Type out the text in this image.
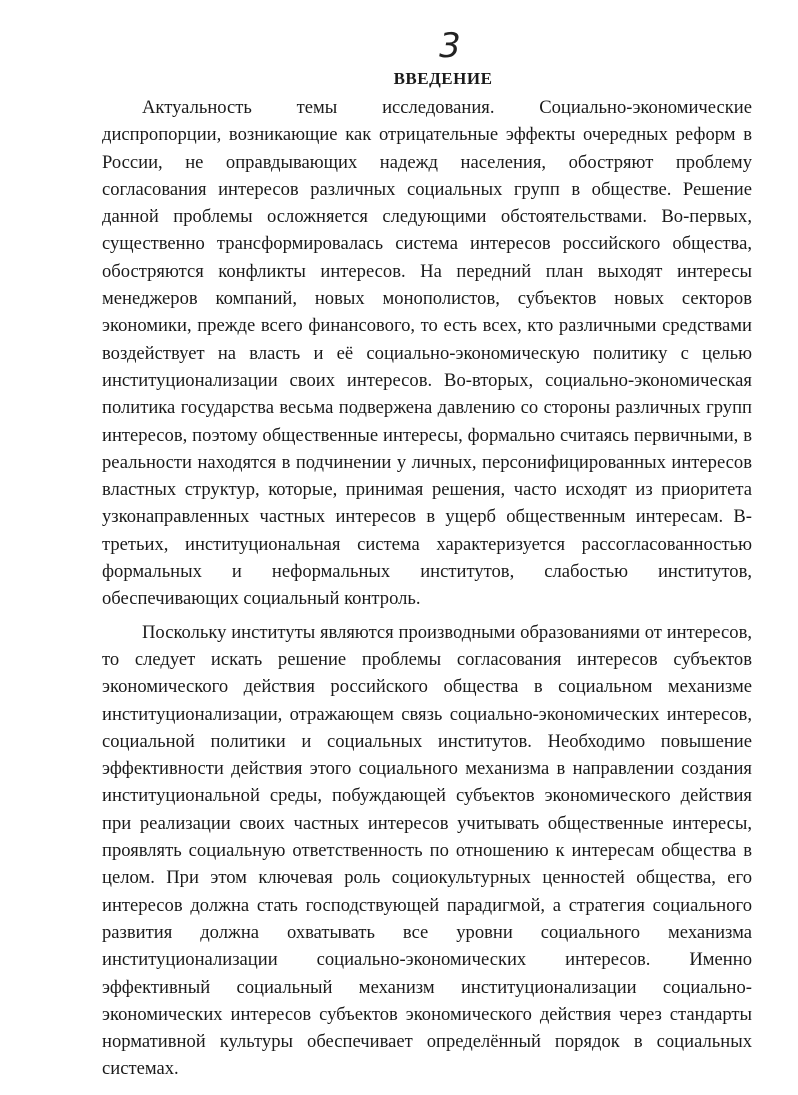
3
ВВЕДЕНИЕ

Актуальность темы исследования. Социально-экономические диспропорции, возникающие как отрицательные эффекты очередных реформ в России, не оправдывающих надежд населения, обостряют проблему согласования интересов различных социальных групп в обществе. Решение данной проблемы осложняется следующими обстоятельствами. Во-первых, существенно трансформировалась система интересов российского общества, обостряются конфликты интересов. На передний план выходят интересы менеджеров компаний, новых монополистов, субъектов новых секторов экономики, прежде всего финансового, то есть всех, кто различными средствами воздействует на власть и её социально-экономическую политику с целью институционализации своих интересов. Во-вторых, социально-экономическая политика государства весьма подвержена давлению со стороны различных групп интересов, поэтому общественные интересы, формально считаясь первичными, в реальности находятся в подчинении у личных, персонифицированных интересов властных структур, которые, принимая решения, часто исходят из приоритета узконаправленных частных интересов в ущерб общественным интересам. В-третьих, институциональная система характеризуется рассогласованностью формальных и неформальных институтов, слабостью институтов, обеспечивающих социальный контроль.

Поскольку институты являются производными образованиями от интересов, то следует искать решение проблемы согласования интересов субъектов экономического действия российского общества в социальном механизме институционализации, отражающем связь социально-экономических интересов, социальной политики и социальных институтов. Необходимо повышение эффективности действия этого социального механизма в направлении создания институциональной среды, побуждающей субъектов экономического действия при реализации своих частных интересов учитывать общественные интересы, проявлять социальную ответственность по отношению к интересам общества в целом. При этом ключевая роль социокультурных ценностей общества, его интересов должна стать господствующей парадигмой, а стратегия социального развития должна охватывать все уровни социального механизма институционализации социально-экономических интересов. Именно эффективный социальный механизм институционализации социально-экономических интересов субъектов экономического действия через стандарты нормативной культуры обеспечивает определённый порядок в социальных системах.
